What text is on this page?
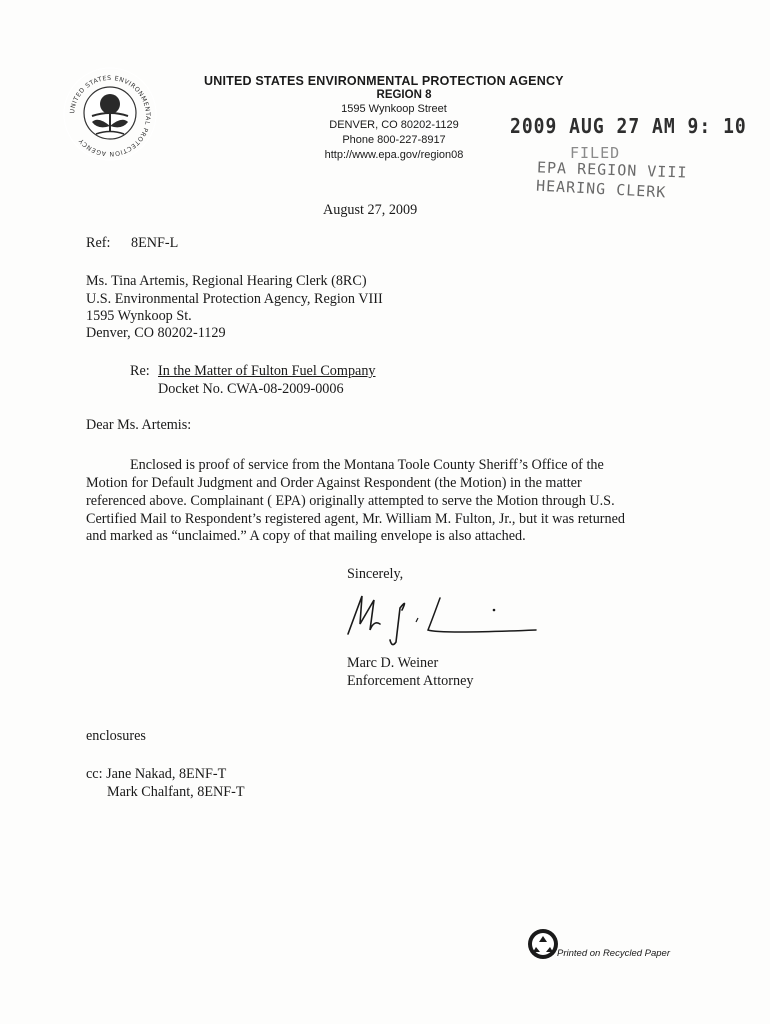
UNITED STATES ENVIRONMENTAL PROTECTION AGENCY
UNITED STATES ENVIRONMENTAL PROTECTION AGENCY
REGION 8
1595 Wynkoop Street
DENVER, CO 80202-1129
Phone 800-227-8917
http://www.epa.gov/region08
2009 AUG 27 AM 9: 10
FILED
EPA REGION VIII
HEARING CLERK
August 27, 2009
Ref: 8ENF-L
Ms. Tina Artemis, Regional Hearing Clerk (8RC)
U.S. Environmental Protection Agency, Region VIII
1595 Wynkoop St.
Denver, CO 80202-1129
Re: In the Matter of Fulton Fuel Company
Docket No. CWA-08-2009-0006
Dear Ms. Artemis:
Enclosed is proof of service from the Montana Toole County Sheriff’s Office of the
Motion for Default Judgment and Order Against Respondent (the Motion) in the matter
referenced above. Complainant ( EPA) originally attempted to serve the Motion through U.S.
Certified Mail to Respondent’s registered agent, Mr. William M. Fulton, Jr., but it was returned
and marked as “unclaimed.” A copy of that mailing envelope is also attached.
Sincerely,
Marc D. Weiner
Enforcement Attorney
enclosures
cc: Jane Nakad, 8ENF-T
Mark Chalfant, 8ENF-T
Printed on Recycled Paper
